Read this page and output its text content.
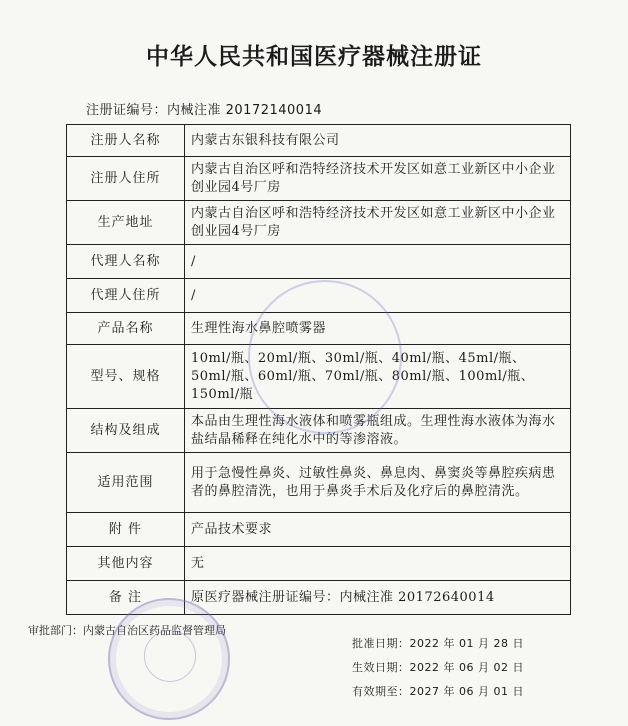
中华人民共和国医疗器械注册证
注册证编号：内械注准 20172140014
注册人名称	内蒙古东银科技有限公司
注册人住所	内蒙古自治区呼和浩特经济技术开发区如意工业新区中小企业创业园4号厂房
生产地址	内蒙古自治区呼和浩特经济技术开发区如意工业新区中小企业创业园4号厂房
代理人名称	/
代理人住所	/
产品名称	生理性海水鼻腔喷雾器
型号、规格	10ml/瓶、20ml/瓶、30ml/瓶、40ml/瓶、45ml/瓶、50ml/瓶、60ml/瓶、70ml/瓶、80ml/瓶、100ml/瓶、150ml/瓶
结构及组成	本品由生理性海水液体和喷雾瓶组成。生理性海水液体为海水盐结晶稀释在纯化水中的等渗溶液。
适用范围	用于急慢性鼻炎、过敏性鼻炎、鼻息肉、鼻窦炎等鼻腔疾病患者的鼻腔清洗，也用于鼻炎手术后及化疗后的鼻腔清洗。
附 件	产品技术要求
其他内容	无
备 注	原医疗器械注册证编号：内械注准 20172640014
审批部门：内蒙古自治区药品监督管理局
批准日期：2022 年 01 月 28 日
生效日期：2022 年 06 月 02 日
有效期至：2027 年 06 月 01 日
